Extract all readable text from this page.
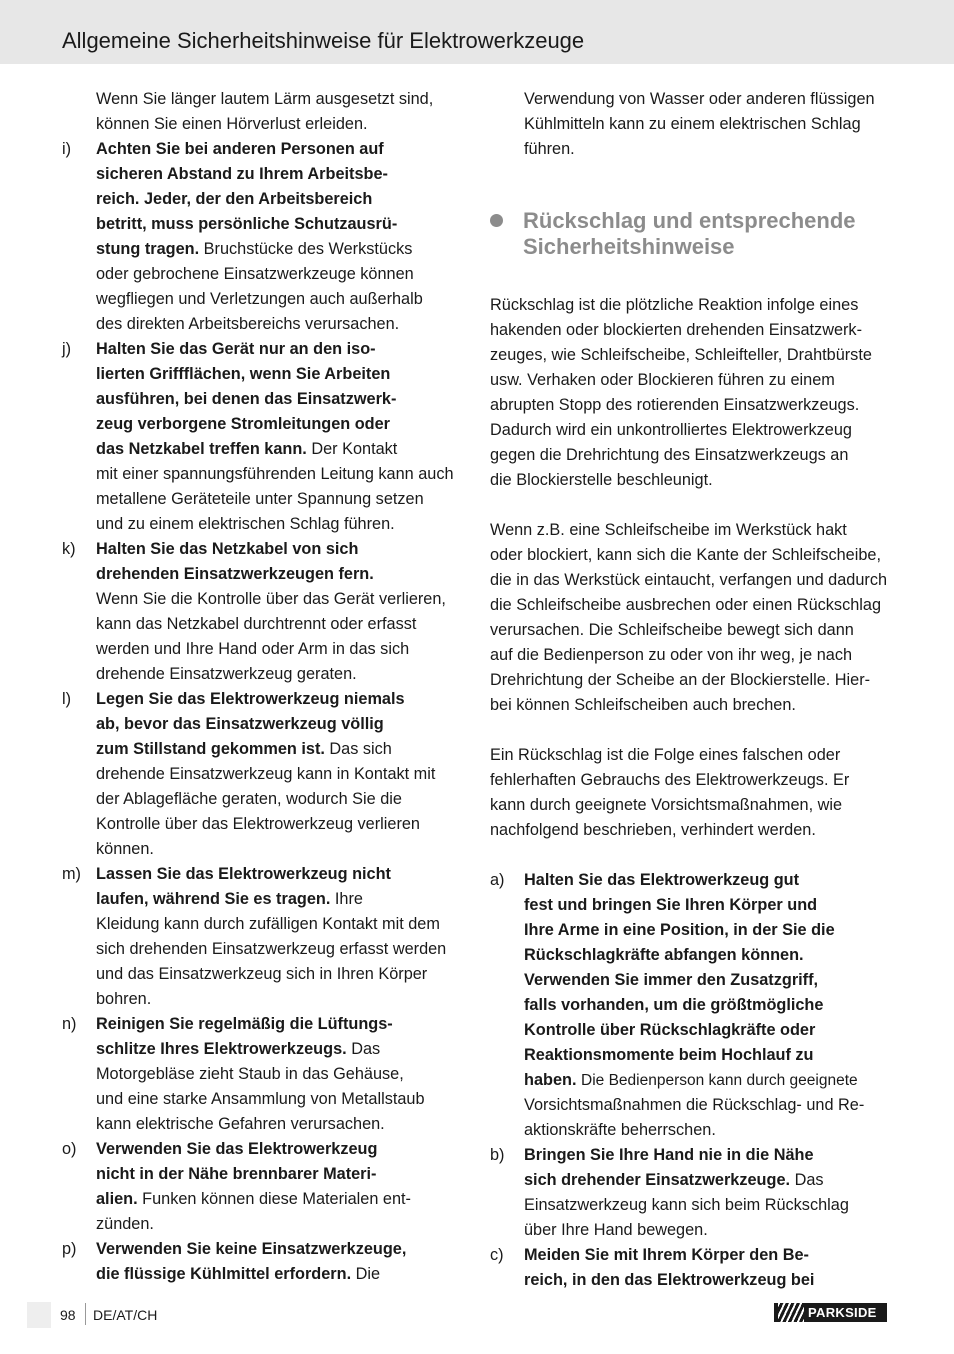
Allgemeine Sicherheitshinweise für Elektrowerkzeuge
Wenn Sie länger lautem Lärm ausgesetzt sind,
können Sie einen Hörverlust erleiden.
i) Achten Sie bei anderen Personen auf
sicheren Abstand zu Ihrem Arbeitsbe-
reich. Jeder, der den Arbeitsbereich
betritt, muss persönliche Schutzausrü-
stung tragen. Bruchstücke des Werkstücks
oder gebrochene Einsatzwerkzeuge können
wegfliegen und Verletzungen auch außerhalb
des direkten Arbeitsbereichs verursachen.
j) Halten Sie das Gerät nur an den iso-
lierten Griffflächen, wenn Sie Arbeiten
ausführen, bei denen das Einsatzwerk-
zeug verborgene Stromleitungen oder
das Netzkabel treffen kann. Der Kontakt
mit einer spannungsführenden Leitung kann auch
metallene Geräteteile unter Spannung setzen
und zu einem elektrischen Schlag führen.
k) Halten Sie das Netzkabel von sich
drehenden Einsatzwerkzeugen fern.
Wenn Sie die Kontrolle über das Gerät verlieren,
kann das Netzkabel durchtrennt oder erfasst
werden und Ihre Hand oder Arm in das sich
drehende Einsatzwerkzeug geraten.
l) Legen Sie das Elektrowerkzeug niemals
ab, bevor das Einsatzwerkzeug völlig
zum Stillstand gekommen ist. Das sich
drehende Einsatzwerkzeug kann in Kontakt mit
der Ablagefläche geraten, wodurch Sie die
Kontrolle über das Elektrowerkzeug verlieren
können.
m) Lassen Sie das Elektrowerkzeug nicht
laufen, während Sie es tragen. Ihre
Kleidung kann durch zufälligen Kontakt mit dem
sich drehenden Einsatzwerkzeug erfasst werden
und das Einsatzwerkzeug sich in Ihren Körper
bohren.
n) Reinigen Sie regelmäßig die Lüftungs-
schlitze Ihres Elektrowerkzeugs. Das
Motorgebläse zieht Staub in das Gehäuse,
und eine starke Ansammlung von Metallstaub
kann elektrische Gefahren verursachen.
o) Verwenden Sie das Elektrowerkzeug
nicht in der Nähe brennbarer Materi-
alien. Funken können diese Materialen ent-
zünden.
p) Verwenden Sie keine Einsatzwerkzeuge,
die flüssige Kühlmittel erfordern. Die
Verwendung von Wasser oder anderen flüssigen
Kühlmitteln kann zu einem elektrischen Schlag
führen.
Rückschlag und entsprechende
Sicherheitshinweise
Rückschlag ist die plötzliche Reaktion infolge eines
hakenden oder blockierten drehenden Einsatzwerk-
zeuges, wie Schleifscheibe, Schleifteller, Drahtbürste
usw. Verhaken oder Blockieren führen zu einem
abrupten Stopp des rotierenden Einsatzwerkzeugs.
Dadurch wird ein unkontrolliertes Elektrowerkzeug
gegen die Drehrichtung des Einsatzwerkzeugs an
die Blockierstelle beschleunigt.
Wenn z.B. eine Schleifscheibe im Werkstück hakt
oder blockiert, kann sich die Kante der Schleifscheibe,
die in das Werkstück eintaucht, verfangen und dadurch
die Schleifscheibe ausbrechen oder einen Rückschlag
verursachen. Die Schleifscheibe bewegt sich dann
auf die Bedienperson zu oder von ihr weg, je nach
Drehrichtung der Scheibe an der Blockierstelle. Hier-
bei können Schleifscheiben auch brechen.
Ein Rückschlag ist die Folge eines falschen oder
fehlerhaften Gebrauchs des Elektrowerkzeugs. Er
kann durch geeignete Vorsichtsmaßnahmen, wie
nachfolgend beschrieben, verhindert werden.
a) Halten Sie das Elektrowerkzeug gut
fest und bringen Sie Ihren Körper und
Ihre Arme in eine Position, in der Sie die
Rückschlagkräfte abfangen können.
Verwenden Sie immer den Zusatzgriff,
falls vorhanden, um die größtmögliche
Kontrolle über Rückschlagkräfte oder
Reaktionsmomente beim Hochlauf zu
haben. Die Bedienperson kann durch geeignete
Vorsichtsmaßnahmen die Rückschlag- und Re-
aktionskräfte beherrschen.
b) Bringen Sie Ihre Hand nie in die Nähe
sich drehender Einsatzwerkzeuge. Das
Einsatzwerkzeug kann sich beim Rückschlag
über Ihre Hand bewegen.
c) Meiden Sie mit Ihrem Körper den Be-
reich, in den das Elektrowerkzeug bei
98 DE/AT/CH	PARKSIDE
